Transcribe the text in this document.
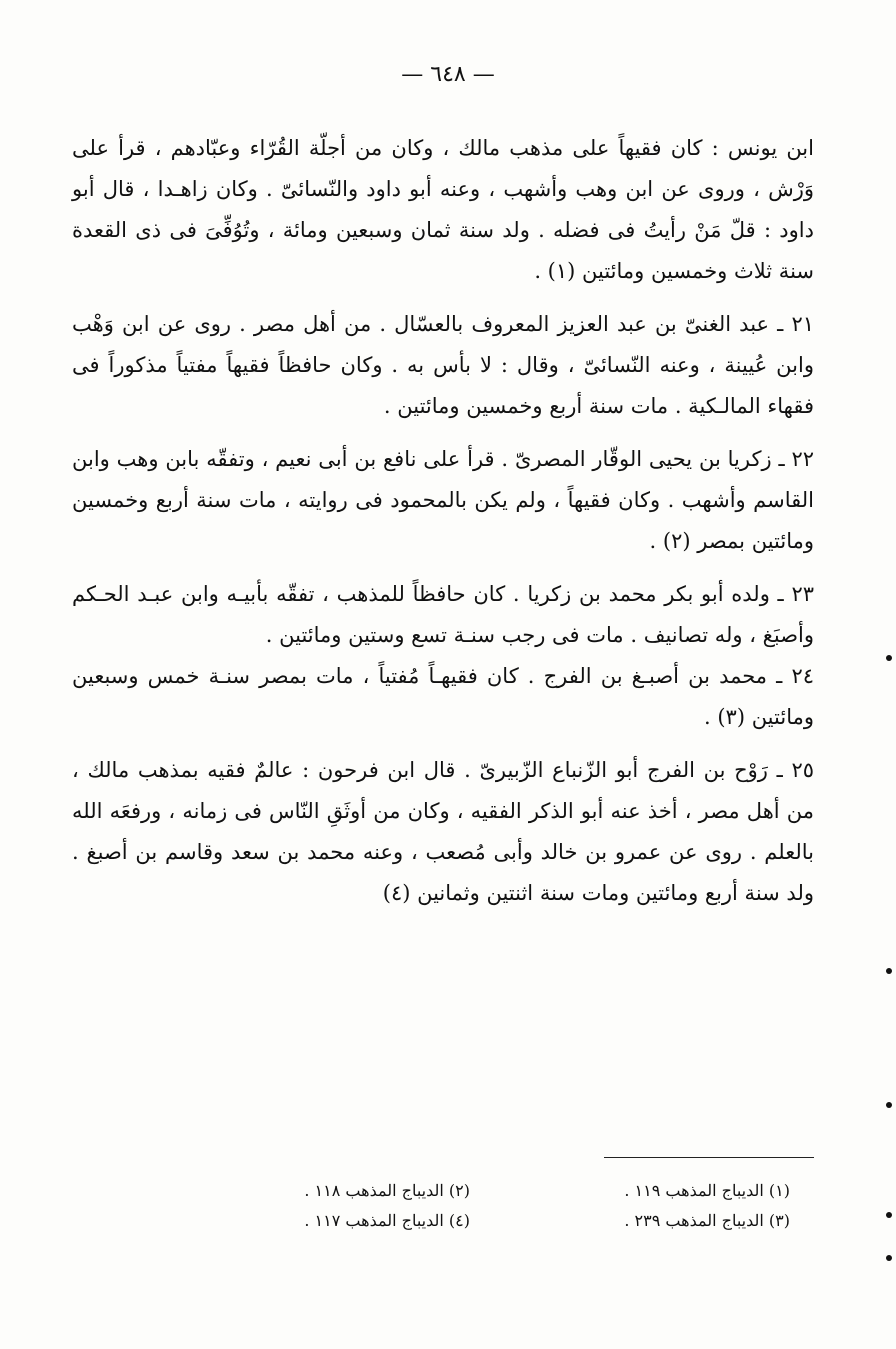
— ٦٤٨ —

ابن يونس : كان فقيهاً على مذهب مالك ، وكان من أجلّة القُرّاء وعبّادهم ، قرأ على وَرْش ، وروى عن ابن وهب وأشهب ، وعنه أبو داود والنّسائىّ . وكان زاهـدا ، قال أبو داود : قلّ مَنْ رأيتُ فى فضله . ولد سنة ثمان وسبعين ومائة ، وتُوُفِّىَ فى ذى القعدة سنة ثلاث وخمسين ومائتين (١) .

٢١ ـ عبد الغنىّ بن عبد العزيز المعروف بالعسّال . من أهل مصر . روى عن ابن وَهْب وابن عُيينة ، وعنه النّسائىّ ، وقال : لا بأس به . وكان حافظاً فقيهاً مفتياً مذكوراً فى فقهاء المالـكية . مات سنة أربع وخمسين ومائتين .

٢٢ ـ زكريا بن يحيى الوقّار المصرىّ . قرأ على نافع بن أبى نعيم ، وتفقّه بابن وهب وابن القاسم وأشهب . وكان فقيهاً ، ولم يكن بالمحمود فى روايته ، مات سنة أربع وخمسين ومائتين بمصر (٢) .

٢٣ ـ ولده أبو بكر محمد بن زكريا . كان حافظاً للمذهب ، تفقّه بأبيـه وابن عبـد الحـكم وأصبَغ ، وله تصانيف . مات فى رجب سنـة تسع وستين ومائتين .

٢٤ ـ محمد بن أصبـغ بن الفرج . كان فقيهـاً مُفتياً ، مات بمصر سنـة خمس وسبعين ومائتين (٣) .

٢٥ ـ رَوْح بن الفرج أبو الزّنباع الزّبيرىّ . قال ابن فرحون : عالمٌ فقيه بمذهب مالك ، من أهل مصر ، أخذ عنه أبو الذكر الفقيه ، وكان من أوثَقِ النّاس فى زمانه ، ورفعَه الله بالعلم . روى عن عمرو بن خالد وأبى مُصعب ، وعنه محمد بن سعد وقاسم بن أصبغ . ولد سنة أربع ومائتين ومات سنة اثنتين وثمانين (٤)

(١) الديباج المذهب ١١٩ .
(٢) الديباج المذهب ١١٨ .
(٣) الديباج المذهب ٢٣٩ .
(٤) الديباج المذهب ١١٧ .
